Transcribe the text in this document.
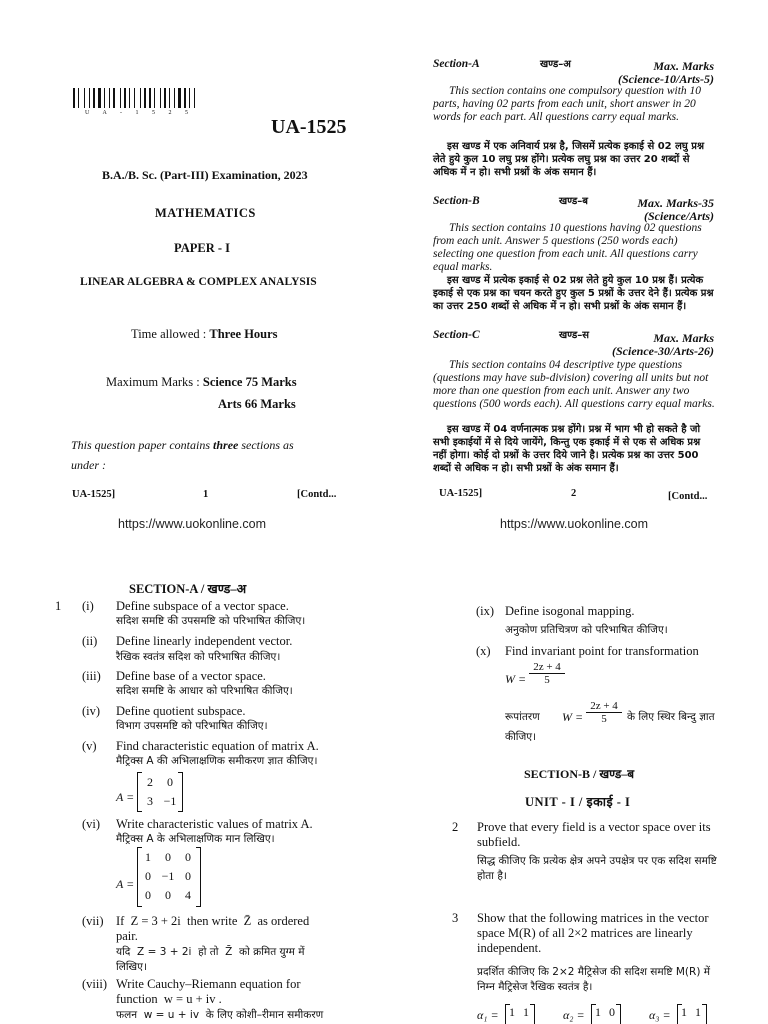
U A - 1 5 2 5
UA-1525
B.A./B. Sc. (Part-III) Examination, 2023
MATHEMATICS
PAPER - I
LINEAR ALGEBRA & COMPLEX ANALYSIS
Time allowed : Three Hours
Maximum Marks : Science 75 Marks
Arts 66 Marks
This question paper contains three sections as
under :
UA-1525]	1	[Contd...
https://www.uokonline.com
Section-A	खण्ड–अ	Max. Marks
(Science-10/Arts-5)
This section contains one compulsory question with 10 parts, having 02 parts from each unit, short answer in 20 words for each part. All questions carry equal marks.
इस खण्ड में एक अनिवार्य प्रश्न है, जिसमें प्रत्येक इकाई से 02 लघु प्रश्न लेते हुये कुल 10 लघु प्रश्न होंगे। प्रत्येक लघु प्रश्न का उत्तर 20 शब्दों से अधिक में न हो। सभी प्रश्नों के अंक समान हैं।
Section-B	खण्ड–ब	Max. Marks-35
(Science/Arts)
This section contains 10 questions having 02 questions from each unit. Answer 5 questions (250 words each) selecting one question from each unit. All questions carry equal marks.
इस खण्ड में प्रत्येक इकाई से 02 प्रश्न लेते हुये कुल 10 प्रश्न हैं। प्रत्येक इकाई से एक प्रश्न का चयन करते हुए कुल 5 प्रश्नों के उत्तर देने हैं। प्रत्येक प्रश्न का उत्तर 250 शब्दों से अधिक में न हो। सभी प्रश्नों के अंक समान हैं।
Section-C	खण्ड–स	Max. Marks
(Science-30/Arts-26)
This section contains 04 descriptive type questions (questions may have sub-division) covering all units but not more than one question from each unit. Answer any two questions (500 words each). All questions carry equal marks.
इस खण्ड में 04 वर्णनात्मक प्रश्न होंगे। प्रश्न में भाग भी हो सकते है जो सभी इकाईयों में से दिये जायेंगे, किन्तु एक इकाई में से एक से अधिक प्रश्न नहीं होगा। कोई दो प्रश्नों के उत्तर दिये जाने है। प्रत्येक प्रश्न का उत्तर 500 शब्दों से अधिक न हो। सभी प्रश्नों के अंक समान हैं।
UA-1525]	2	[Contd...
https://www.uokonline.com
SECTION-A / खण्ड–अ
1 (i) Define subspace of a vector space.
सदिश समष्टि की उपसमष्टि को परिभाषित कीजिए।
(ii) Define linearly independent vector.
रैखिक स्वतंत्र सदिश को परिभाषित कीजिए।
(iii) Define base of a vector space.
सदिश समष्टि के आधार को परिभाषित कीजिए।
(iv) Define quotient subspace.
विभाग उपसमष्टि को परिभाषित कीजिए।
(v) Find characteristic equation of matrix A.
मैट्रिक्स A की अभिलाक्षणिक समीकरण ज्ञात कीजिए।
A =
2	0
3 −1
(vi) Write characteristic values of matrix A.
मैट्रिक्स A के अभिलाक्षणिक मान लिखिए।
A =
1	0	0
0 −1 0
0	0	4
(vii) If  Z = 3 + 2i  then write  Z̄  as ordered
pair.
यदि  Z = 3 + 2i  हो तो  Z̄  को क्रमित युग्म में
लिखिए।
(viii) Write Cauchy–Riemann equation for
function  w = u + iv .
फलन  w = u + iv  के लिए कोशी–रीमान समीकरण
(ix) Define isogonal mapping.
अनुकोण प्रतिचित्रण को परिभाषित कीजिए।
(x) Find invariant point for transformation
$W = \frac{2z + 4}{5}$
रूपांतरण $W = \frac{2z + 4}{5}$ के लिए स्थिर बिन्दु ज्ञात
कीजिए।
SECTION-B / खण्ड–ब
UNIT - I / इकाई - I
2 Prove that every field is a vector space over its subfield.
सिद्ध कीजिए कि प्रत्येक क्षेत्र अपने उपक्षेत्र पर एक सदिश समष्टि होता है।
3 Show that the following matrices in the vector space M(R) of all 2×2 matrices are linearly independent.
प्रदर्शित कीजिए कि 2×2 मैट्रिसेज की सदिश समष्टि M(R) में निम्न मैट्रिसेज रैखिक स्वतंत्र है।
α₁ = 1 1	α₂ = 1 0	α₃ = 1 1
